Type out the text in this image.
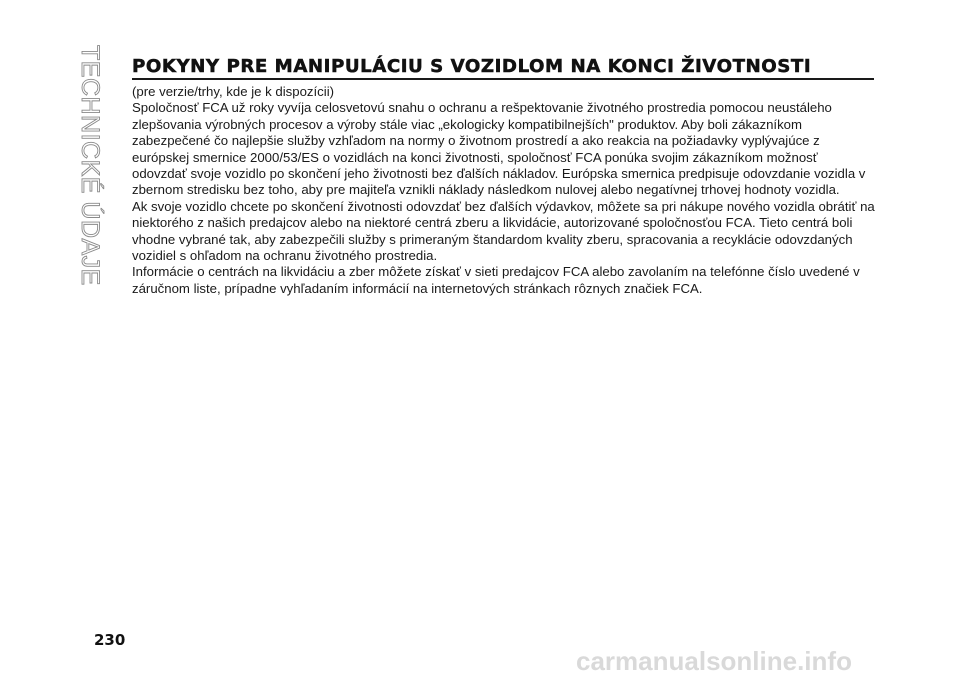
TECHNICKÉ ÚDAJE POKYNY PRE MANIPULÁCIU S VOZIDLOM NA KONCI ŽIVOTNOSTI

(pre verzie/trhy, kde je k dispozícii)

Spoločnosť FCA už roky vyvíja celosvetovú snahu o ochranu a rešpektovanie životného prostredia pomocou neustáleho zlepšovania výrobných procesov a výroby stále viac „ekologicky kompatibilnejších" produktov. Aby boli zákazníkom zabezpečené čo najlepšie služby vzhľadom na normy o životnom prostredí a ako reakcia na požiadavky vyplývajúce z európskej smernice 2000/53/ES o vozidlách na konci životnosti, spoločnosť FCA ponúka svojim zákazníkom možnosť odovzdať svoje vozidlo po skončení jeho životnosti bez ďalších nákladov. Európska smernica predpisuje odovzdanie vozidla v zbernom stredisku bez toho, aby pre majiteľa vznikli náklady následkom nulovej alebo negatívnej trhovej hodnoty vozidla.

Ak svoje vozidlo chcete po skončení životnosti odovzdať bez ďalších výdavkov, môžete sa pri nákupe nového vozidla obrátiť na niektorého z našich predajcov alebo na niektoré centrá zberu a likvidácie, autorizované spoločnosťou FCA. Tieto centrá boli vhodne vybrané tak, aby zabezpečili služby s primeraným štandardom kvality zberu, spracovania a recyklácie odovzdaných vozidiel s ohľadom na ochranu životného prostredia.

Informácie o centrách na likvidáciu a zber môžete získať v sieti predajcov FCA alebo zavolaním na telefónne číslo uvedené v záručnom liste, prípadne vyhľadaním informácií na internetových stránkach rôznych značiek FCA.

230
carmanualsonline.info
